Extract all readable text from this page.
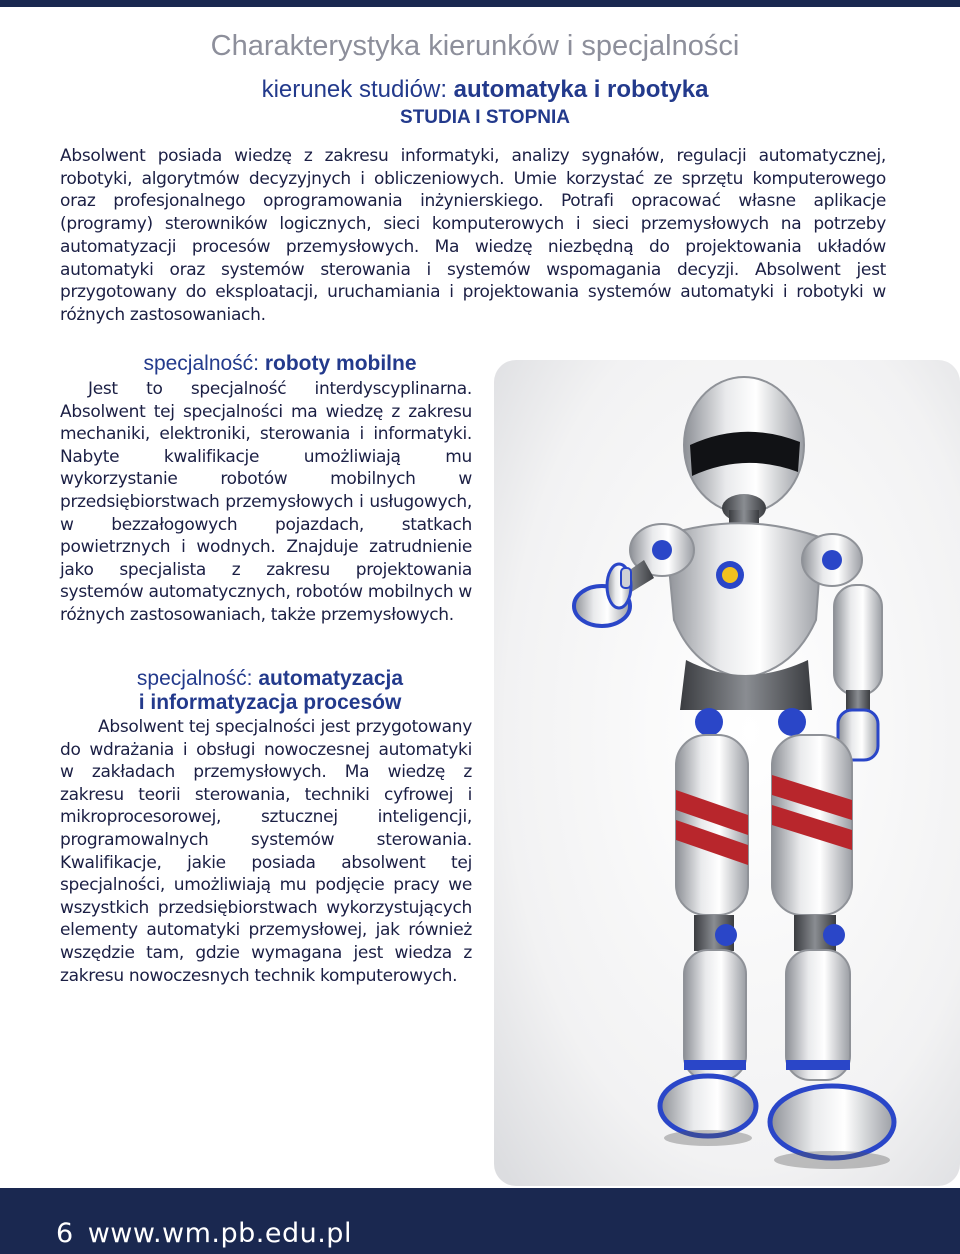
Charakterystyka kierunków i specjalności
kierunek studiów: automatyka i robotyka
STUDIA I STOPNIA
Absolwent posiada wiedzę z zakresu informatyki, analizy sygnałów, regulacji automatycznej, robotyki, algorytmów decyzyjnych i obliczeniowych. Umie korzystać ze sprzętu komputerowego oraz profesjonalnego oprogramowania inżynierskiego. Potrafi opracować własne aplikacje (programy) sterowników logicznych, sieci komputerowych i sieci przemysłowych na potrzeby automatyzacji procesów przemysłowych. Ma wiedzę niezbędną do projektowania układów automatyki oraz systemów sterowania i systemów wspomagania decyzji. Absolwent jest przygotowany do eksploatacji, uruchamiania i projektowania systemów automatyki i robotyki w różnych zastosowaniach.
specjalność: roboty mobilne
Jest to specjalność interdyscyplinarna. Absolwent tej specjalności ma wiedzę z zakresu mechaniki, elektroniki, sterowania i informatyki. Nabyte kwalifikacje umożliwiają mu wykorzystanie robotów mobilnych w przedsiębiorstwach przemysłowych i usługowych, w bezzałogowych pojazdach, statkach powietrznych i wodnych. Znajduje zatrudnienie jako specjalista z zakresu projektowania systemów automatycznych, robotów mobilnych w różnych zastosowaniach, także przemysłowych.
specjalność: automatyzacja
i informatyzacja procesów
Absolwent tej specjalności jest przygotowany do wdrażania i obsługi nowoczesnej automatyki w zakładach przemysłowych. Ma wiedzę z zakresu teorii sterowania, techniki cyfrowej i mikroprocesorowej, sztucznej inteligencji, programowalnych systemów sterowania. Kwalifikacje, jakie posiada absolwent tej specjalności, umożliwiają mu podjęcie pracy we wszystkich przedsiębiorstwach wykorzystujących elementy automatyki przemysłowej, jak również wszędzie tam, gdzie wymagana jest wiedza z zakresu nowoczesnych technik komputerowych.
6 www.wm.pb.edu.pl
